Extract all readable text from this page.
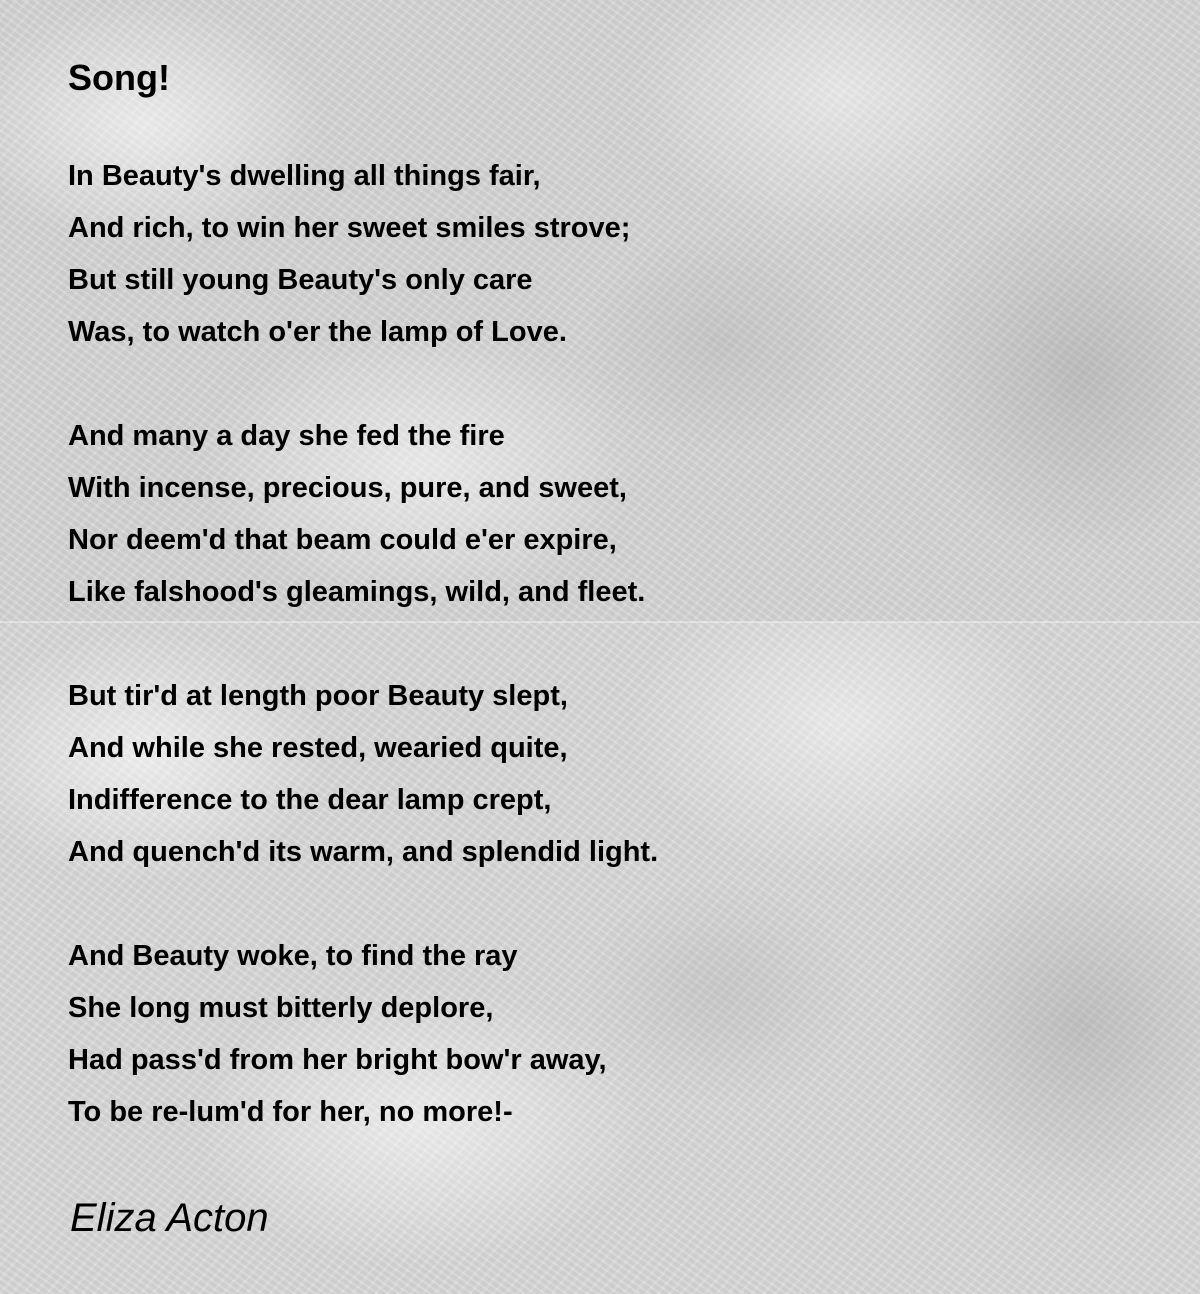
Song!
In Beauty's dwelling all things fair,
And rich, to win her sweet smiles strove;
But still young Beauty's only care
Was, to watch o'er the lamp of Love.
And many a day she fed the fire
With incense, precious, pure, and sweet,
Nor deem'd that beam could e'er expire,
Like falshood's gleamings, wild, and fleet.
But tir'd at length poor Beauty slept,
And while she rested, wearied quite,
Indifference to the dear lamp crept,
And quench'd its warm, and splendid light.
And Beauty woke, to find the ray
She long must bitterly deplore,
Had pass'd from her bright bow'r away,
To be re-lum'd for her, no more!-

Eliza Acton
